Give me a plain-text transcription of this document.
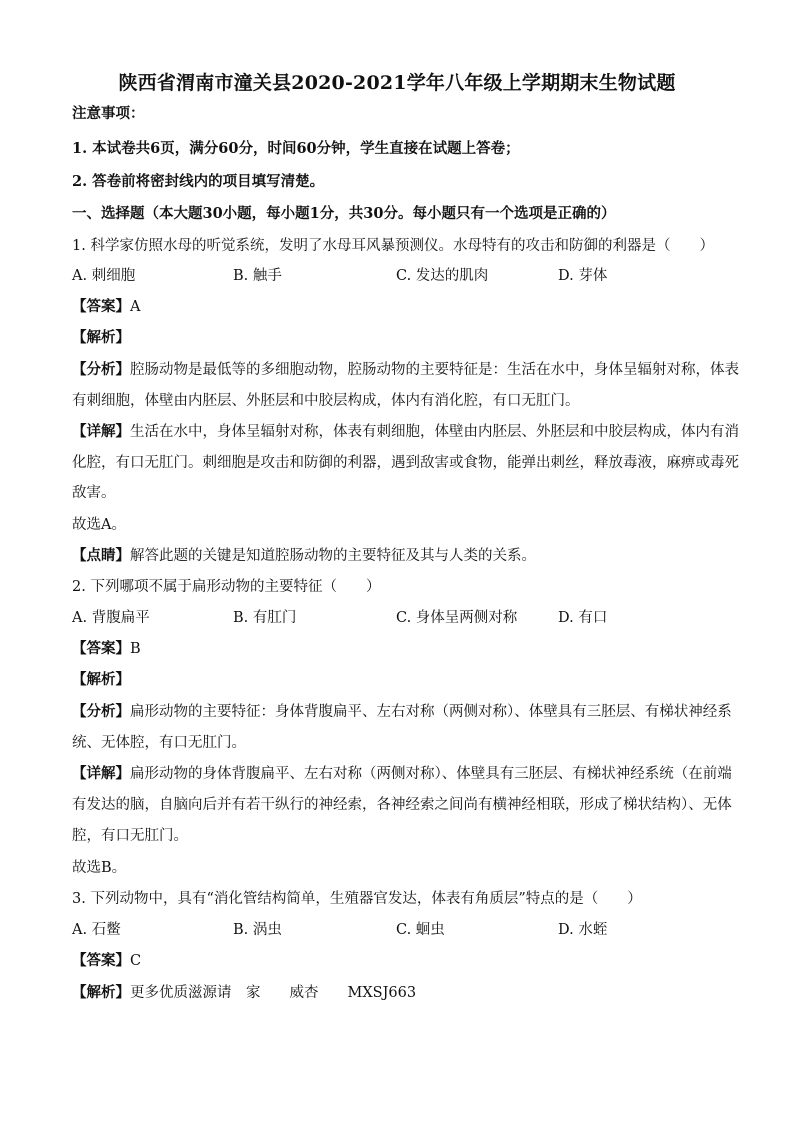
陕西省渭南市潼关县2020-2021学年八年级上学期期末生物试题
注意事项：
1. 本试卷共6页，满分60分，时间60分钟，学生直接在试题上答卷；
2. 答卷前将密封线内的项目填写清楚。
一、选择题（本大题30小题，每小题1分，共30分。每小题只有一个选项是正确的）
1. 科学家仿照水母的听觉系统，发明了水母耳风暴预测仪。水母特有的攻击和防御的利器是（　　）
A. 刺细胞	B. 触手	C. 发达的肌肉	D. 芽体
【答案】A
【解析】
【分析】腔肠动物是最低等的多细胞动物，腔肠动物的主要特征是：生活在水中，身体呈辐射对称，体表
有刺细胞，体壁由内胚层、外胚层和中胶层构成，体内有消化腔，有口无肛门。
【详解】生活在水中，身体呈辐射对称，体表有刺细胞，体壁由内胚层、外胚层和中胶层构成，体内有消
化腔，有口无肛门。刺细胞是攻击和防御的利器，遇到敌害或食物，能弹出刺丝，释放毒液，麻痹或毒死
敌害。
故选A。
【点睛】解答此题的关键是知道腔肠动物的主要特征及其与人类的关系。
2. 下列哪项不属于扁形动物的主要特征（　　）
A. 背腹扁平	B. 有肛门	C. 身体呈两侧对称	D. 有口
【答案】B
【解析】
【分析】扁形动物的主要特征：身体背腹扁平、左右对称（两侧对称）、体壁具有三胚层、有梯状神经系
统、无体腔，有口无肛门。
【详解】扁形动物的身体背腹扁平、左右对称（两侧对称）、体壁具有三胚层、有梯状神经系统（在前端
有发达的脑，自脑向后并有若干纵行的神经索，各神经索之间尚有横神经相联，形成了梯状结构）、无体
腔，有口无肛门。
故选B。
3. 下列动物中，具有“消化管结构简单，生殖器官发达，体表有角质层”特点的是（　　）
A. 石鳖	B. 涡虫	C. 蛔虫	D. 水蛭
【答案】C
【解析】更多优质滋源请　家　　威杏　　MXSJ663
